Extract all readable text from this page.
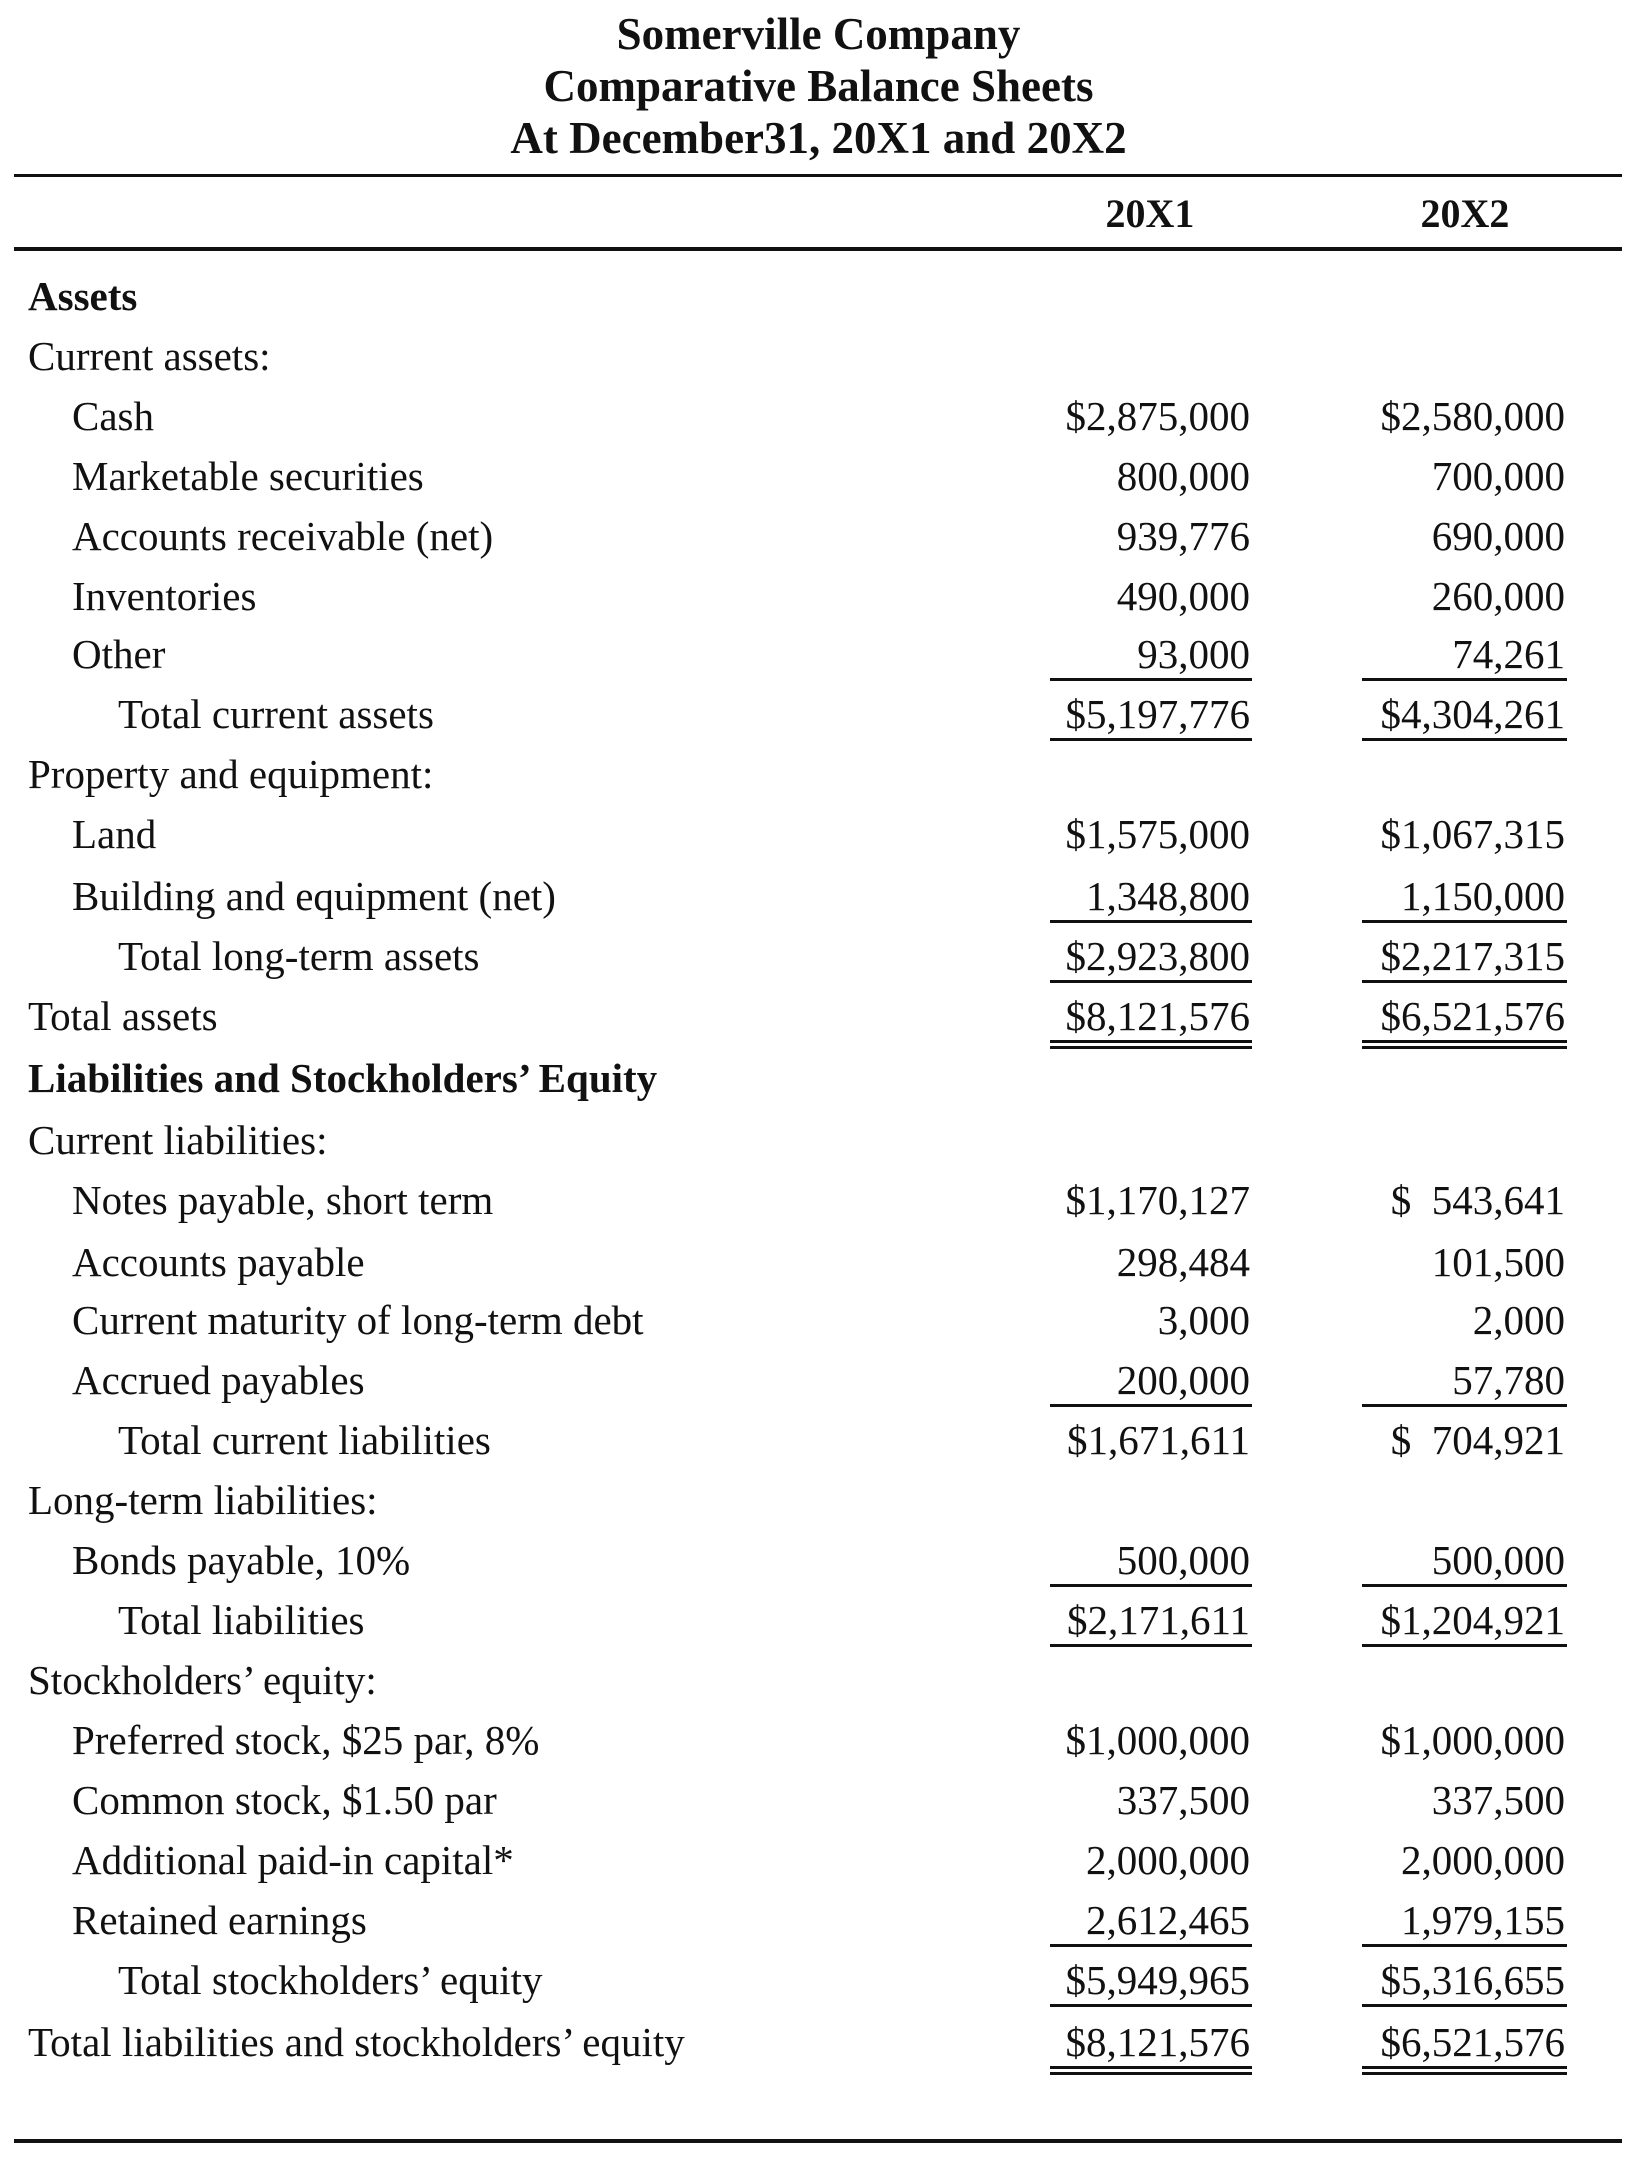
Somerville Company
Comparative Balance Sheets
At December31, 20X1 and 20X2
20X1	20X2
Assets
Current assets:
Cash	$2,875,000	$2,580,000
Marketable securities	800,000	700,000
Accounts receivable (net)	939,776	690,000
Inventories	490,000	260,000
Other	93,000	74,261
Total current assets	$5,197,776	$4,304,261
Property and equipment:
Land	$1,575,000	$1,067,315
Building and equipment (net)	1,348,800	1,150,000
Total long-term assets	$2,923,800	$2,217,315
Total assets	$8,121,576	$6,521,576
Liabilities and Stockholders’ Equity
Current liabilities:
Notes payable, short term	$1,170,127	$  543,641
Accounts payable	298,484	101,500
Current maturity of long-term debt	3,000	2,000
Accrued payables	200,000	57,780
Total current liabilities	$1,671,611	$  704,921
Long-term liabilities:
Bonds payable, 10%	500,000	500,000
Total liabilities	$2,171,611	$1,204,921
Stockholders’ equity:
Preferred stock, $25 par, 8%	$1,000,000	$1,000,000
Common stock, $1.50 par	337,500	337,500
Additional paid-in capital*	2,000,000	2,000,000
Retained earnings	2,612,465	1,979,155
Total stockholders’ equity	$5,949,965	$5,316,655
Total liabilities and stockholders’ equity	$8,121,576	$6,521,576
